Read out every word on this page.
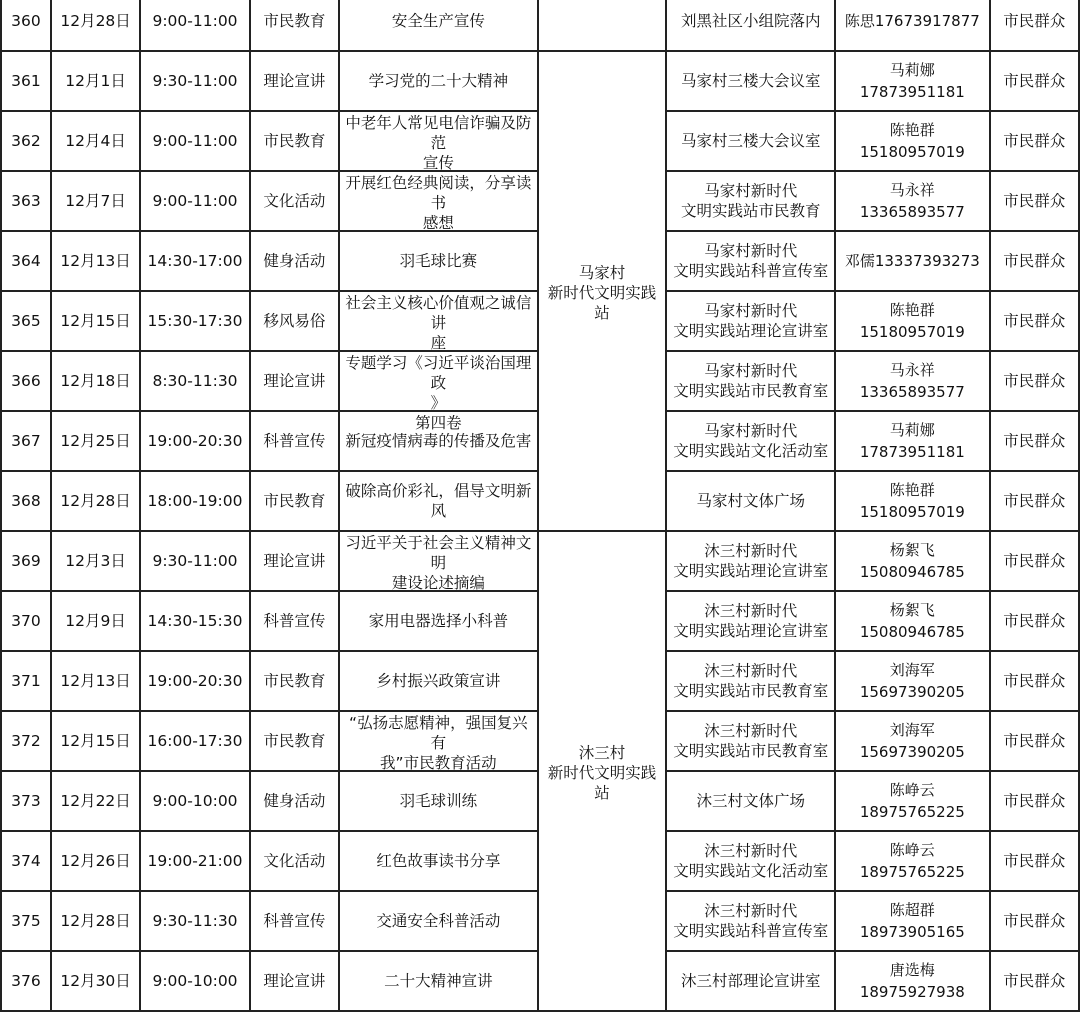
360	12月28日	9:00-11:00	市民教育	安全生产宣传		刘黑社区小组院落内	陈思17673917877	市民群众
361	12月1日	9:30-11:00	理论宣讲	学习党的二十大精神	马家村
新时代文明实践站	马家村三楼大会议室	马莉娜17873951181	市民群众
362	12月4日	9:00-11:00	市民教育	中老年人常见电信诈骗及防范
宣传		马家村三楼大会议室	陈艳群15180957019	市民群众
363	12月7日	9:00-11:00	文化活动	开展红色经典阅读，分享读书
感想		马家村新时代
文明实践站市民教育	马永祥13365893577	市民群众
364	12月13日	14:30-17:00	健身活动	羽毛球比赛		马家村新时代
文明实践站科普宣传室	邓儒13337393273	市民群众
365	12月15日	15:30-17:30	移风易俗	社会主义核心价值观之诚信讲
座		马家村新时代
文明实践站理论宣讲室	陈艳群15180957019	市民群众
366	12月18日	8:30-11:30	理论宣讲	专题学习《习近平谈治国理政
》
第四卷		马家村新时代
文明实践站市民教育室	马永祥13365893577	市民群众
367	12月25日	19:00-20:30	科普宣传	新冠疫情病毒的传播及危害		马家村新时代
文明实践站文化活动室	马莉娜17873951181	市民群众
368	12月28日	18:00-19:00	市民教育	破除高价彩礼，倡导文明新风		马家村文体广场	陈艳群15180957019	市民群众
369	12月3日	9:30-11:00	理论宣讲	习近平关于社会主义精神文明
建设论述摘编	沐三村
新时代文明实践站	沐三村新时代
文明实践站理论宣讲室	杨絮飞15080946785	市民群众
370	12月9日	14:30-15:30	科普宣传	家用电器选择小科普		沐三村新时代
文明实践站理论宣讲室	杨絮飞15080946785	市民群众
371	12月13日	19:00-20:30	市民教育	乡村振兴政策宣讲		沐三村新时代
文明实践站市民教育室	刘海军15697390205	市民群众
372	12月15日	16:00-17:30	市民教育	“弘扬志愿精神，强国复兴有
我”市民教育活动		沐三村新时代
文明实践站市民教育室	刘海军15697390205	市民群众
373	12月22日	9:00-10:00	健身活动	羽毛球训练		沐三村文体广场	陈峥云18975765225	市民群众
374	12月26日	19:00-21:00	文化活动	红色故事读书分享		沐三村新时代
文明实践站文化活动室	陈峥云18975765225	市民群众
375	12月28日	9:30-11:30	科普宣传	交通安全科普活动		沐三村新时代
文明实践站科普宣传室	陈超群18973905165	市民群众
376	12月30日	9:00-10:00	理论宣讲	二十大精神宣讲		沐三村部理论宣讲室	唐选梅18975927938	市民群众
